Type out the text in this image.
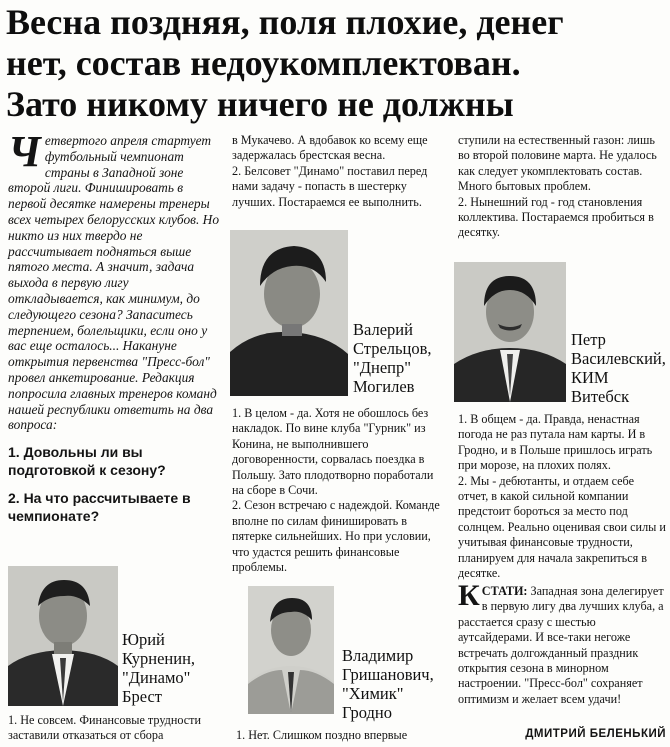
Весна поздняя, поля плохие, денег
нет, состав недоукомплектован.
Зато никому ничего не должны
Ч етвертого апреля стартует футбольный чемпионат страны в Западной зоне второй лиги. Финишировать в первой десятке намерены тренеры всех четырех белорусских клубов. Но никто из них твердо не рассчитывает подняться выше пятого места. А значит, задача выхода в первую лигу откладывается, как минимум, до следующего сезона? Запаситесь терпением, болельщики, если оно у вас еще осталось... Накануне открытия первенства "Пресс-бол" провел анкетирование. Редакция попросила главных тренеров команд нашей республики ответить на два вопроса:

1. Довольны ли вы подготовкой к сезону?

2. На что рассчитываете в чемпионате?

Юрий
Курненин,
"Динамо"
Брест

1. Не совсем. Финансовые трудности заставили отказаться от сбора

в Мукачево. А вдобавок ко всему еще задержалась брестская весна.

2. Белсовет "Динамо" поставил перед нами задачу - попасть в шестерку лучших. Постараемся ее выполнить.

Валерий
Стрельцов,
"Днепр"
Могилев

1. В целом - да. Хотя не обошлось без накладок. По вине клуба "Гурник" из Конина, не выполнившего договоренности, сорвалась поездка в Польшу. Зато плодотворно поработали на сборе в Сочи.

2. Сезон встречаю с надеждой. Команде вполне по силам финишировать в пятерке сильнейших. Но при условии, что удастся решить финансовые проблемы.

Владимир
Гришанович,
"Химик"
Гродно

1. Нет. Слишком поздно впервые

ступили на естественный газон: лишь во второй половине марта. Не удалось как следует укомплектовать состав. Много бытовых проблем.

2. Нынешний год - год становления коллектива. Постараемся пробиться в десятку.

Петр
Василевский,
КИМ
Витебск

1. В общем - да. Правда, ненастная погода не раз путала нам карты. И в Гродно, и в Польше пришлось играть при морозе, на плохих полях.

2. Мы - дебютанты, и отдаем себе отчет, в какой сильной компании предстоит бороться за место под солнцем. Реально оценивая свои силы и учитывая финансовые трудности, планируем для начала закрепиться в десятке.

К СТАТИ: Западная зона делегирует в первую лигу два лучших клуба, а расстается сразу с шестью аутсайдерами. И все-таки негоже встречать долгожданный праздник открытия сезона в минорном настроении. "Пресс-бол" сохраняет оптимизм и желает всем удачи!
ДМИТРИЙ БЕЛЕНЬКИЙ
